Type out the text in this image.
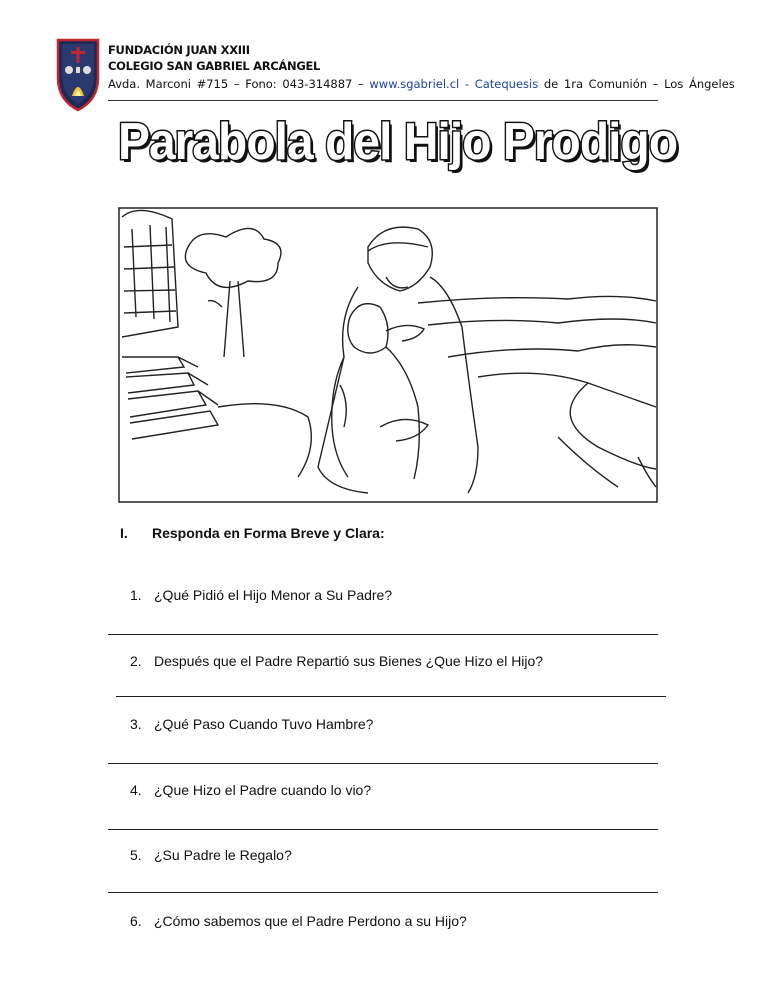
FUNDACIÓN JUAN XXIII
COLEGIO SAN GABRIEL ARCÁNGEL
Avda. Marconi #715 – Fono: 043-314887 – www.sgabriel.cl - Catequesis de 1ra Comunión – Los Ángeles
Parabola del Hijo Prodigo
I. Responda en Forma Breve y Clara:
1. ¿Qué Pidió el Hijo Menor a Su Padre?
2. Después que el Padre Repartió sus Bienes ¿Que Hizo el Hijo?
3. ¿Qué Paso Cuando Tuvo Hambre?
4. ¿Que Hizo el Padre cuando lo vio?
5. ¿Su Padre le Regalo?
6. ¿Cómo sabemos que el Padre Perdono a su Hijo?
